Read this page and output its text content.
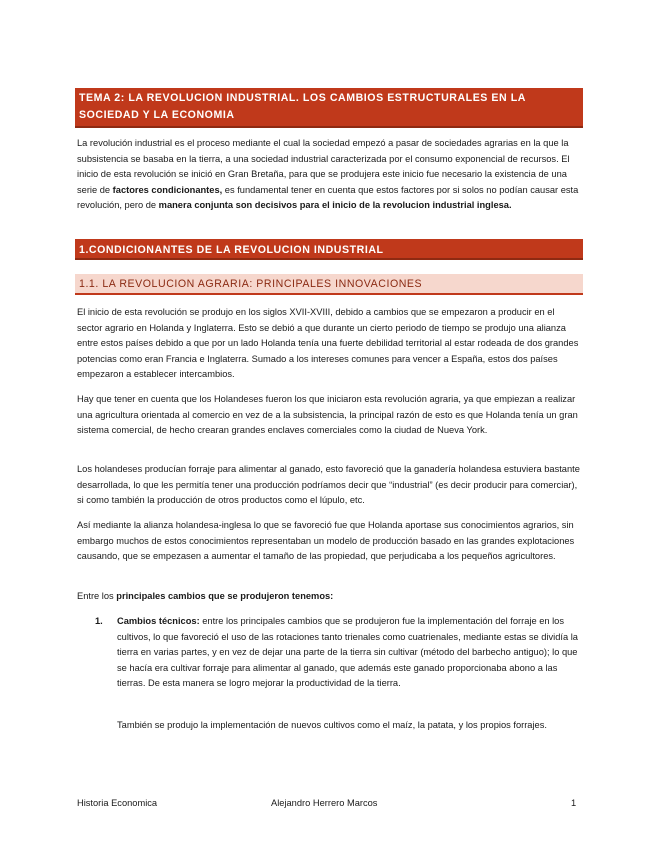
TEMA 2: LA REVOLUCION INDUSTRIAL. LOS CAMBIOS ESTRUCTURALES EN LA
SOCIEDAD Y LA ECONOMIA

La revolución industrial es el proceso mediante el cual la sociedad empezó a pasar de sociedades agrarias en la que la subsistencia se basaba en la tierra, a una sociedad industrial caracterizada por el consumo exponencial de recursos. El inicio de esta revolución se inició en Gran Bretaña, para que se produjera este inicio fue necesario la existencia de una serie de factores condicionantes, es fundamental tener en cuenta que estos factores por si solos no podían causar esta revolución, pero de manera conjunta son decisivos para el inicio de la revolucion industrial inglesa.

1.CONDICIONANTES DE LA REVOLUCION INDUSTRIAL
1.1. LA REVOLUCION AGRARIA: PRINCIPALES INNOVACIONES

El inicio de esta revolución se produjo en los siglos XVII-XVIII, debido a cambios que se empezaron a producir en el sector agrario en Holanda y Inglaterra. Esto se debió a que durante un cierto periodo de tiempo se produjo una alianza entre estos países debido a que por un lado Holanda tenía una fuerte debilidad territorial al estar rodeada de dos grandes potencias como eran Francia e Inglaterra. Sumado a los intereses comunes para vencer a España, estos dos países empezaron a establecer intercambios.

Hay que tener en cuenta que los Holandeses fueron los que iniciaron esta revolución agraria, ya que empiezan a realizar una agricultura orientada al comercio en vez de a la subsistencia, la principal razón de esto es que Holanda tenía un gran sistema comercial, de hecho crearan grandes enclaves comerciales como la ciudad de Nueva York.

Los holandeses producían forraje para alimentar al ganado, esto favoreció que la ganadería holandesa estuviera bastante desarrollada, lo que les permitía tener una producción podríamos decir que “industrial” (es decir producir para comerciar), si como también la producción de otros productos como el lúpulo, etc.

Así mediante la alianza holandesa-inglesa lo que se favoreció fue que Holanda aportase sus conocimientos agrarios, sin embargo muchos de estos conocimientos representaban un modelo de producción basado en las grandes explotaciones causando, que se empezasen a aumentar el tamaño de las propiedad, que perjudicaba a los pequeños agricultores.

Entre los principales cambios que se produjeron tenemos:

1. Cambios técnicos: entre los principales cambios que se produjeron fue la implementación del forraje en los cultivos, lo que favoreció el uso de las rotaciones tanto trienales como cuatrienales, mediante estas se dividía la tierra en varias partes, y en vez de dejar una parte de la tierra sin cultivar (método del barbecho antiguo); lo que se hacía era cultivar forraje para alimentar al ganado, que además este ganado proporcionaba abono a las tierras. De esta manera se logro mejorar la productividad de la tierra.

También se produjo la implementación de nuevos cultivos como el maíz, la patata, y los propios forrajes.

Historia Economica	Alejandro Herrero Marcos	1
